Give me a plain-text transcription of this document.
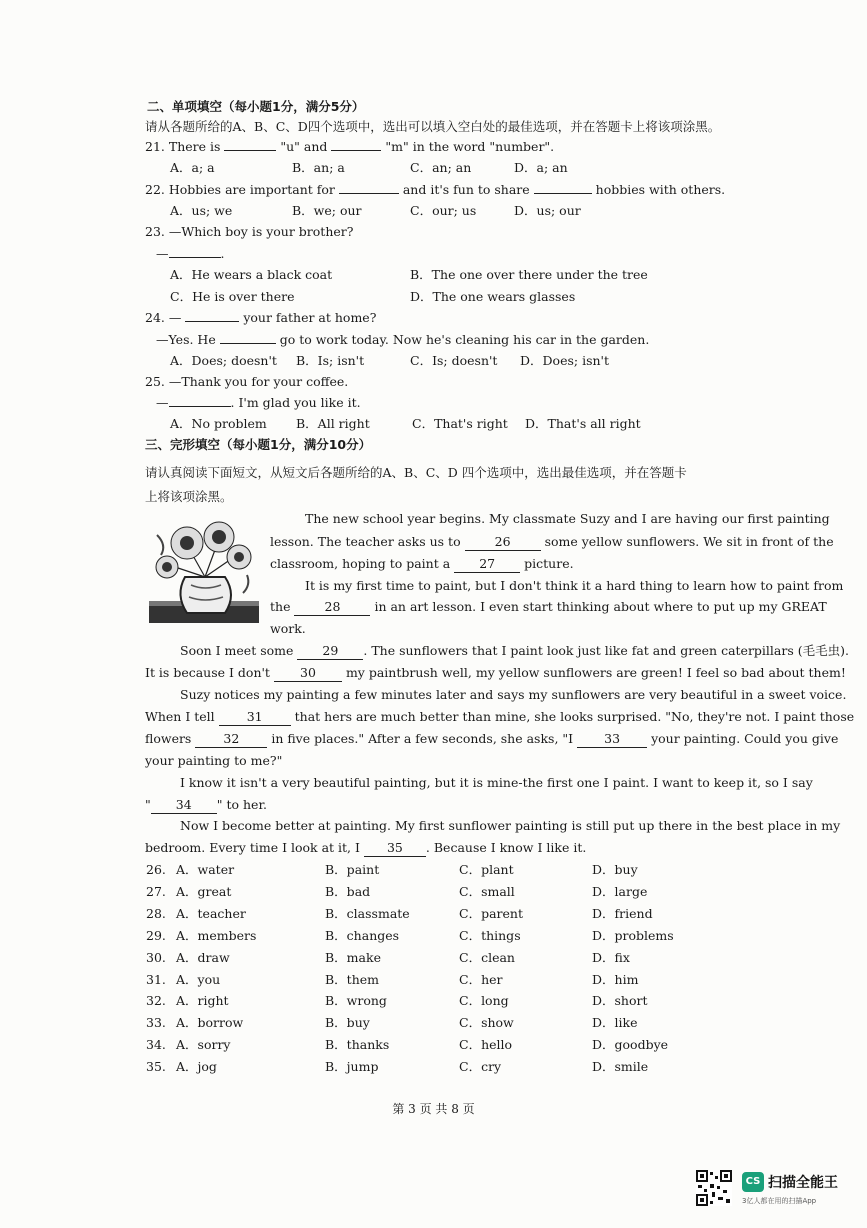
二、单项填空（每小题1分，满分5分）
请从各题所给的A、B、C、D四个选项中，选出可以填入空白处的最佳选项，并在答题卡上将该项涂黑。
21. There is	"u" and	"m" in the word "number".
A．a; a	B．an; a	C．an; an	D．a; an
22. Hobbies are important for	and it's fun to share	hobbies with others.
A．us; we	B．we; our	C．our; us	D．us; our
23. —Which boy is your brother?
—	.
A．He wears a black coat	B．The one over there under the tree
C．He is over there	D．The one wears glasses
24. —	your father at home?
—Yes. He	go to work today. Now he's cleaning his car in the garden.
A．Does; doesn't B．Is; isn't	C．Is; doesn't D．Does; isn't
25. —Thank you for your coffee.
—	. I'm glad you like it.
A．No problem B．All right	C．That's right D．That's all right
三、完形填空（每小题1分，满分10分）
请认真阅读下面短文，从短文后各题所给的A、B、C、D 四个选项中，选出最佳选项，并在答题卡
上将该项涂黑。
The new school year begins. My classmate Suzy and I are having our first painting
lesson. The teacher asks us to	26	some yellow sunflowers. We sit in front of the
classroom, hoping to paint a 27 picture.
It is my first time to paint, but I don't think it a hard thing to learn how to paint from
the	28	in an art lesson. I even start thinking about where to put up my GREAT
work.
Soon I meet some 29 . The sunflowers that I paint look just like fat and green caterpillars (毛毛虫).
It is because I don't 30 my paintbrush well, my yellow sunflowers are green! I feel so bad about them!
Suzy notices my painting a few minutes later and says my sunflowers are very beautiful in a sweet voice.
When I tell	31	that hers are much better than mine, she looks surprised. "No, they're not. I paint those
flowers	32	in five places." After a few seconds, she asks, "I 33 your painting. Could you give
your painting to me?"
I know it isn't a very beautiful painting, but it is mine-the first one I paint. I want to keep it, so I say
" 34 " to her.
Now I become better at painting. My first sunflower painting is still put up there in the best place in my
bedroom. Every time I look at it, I 35 . Because I know I like it.
26. A．water	B．paint	C．plant	D．buy
27. A．great	B．bad	C．small	D．large
28. A．teacher	B．classmate	C．parent	D．friend
29. A．members	B．changes	C．things	D．problems
30. A．draw	B．make	C．clean	D．fix
31. A．you	B．them	C．her	D．him
32. A．right	B．wrong	C．long	D．short
33. A．borrow	B．buy	C．show	D．like
34. A．sorry	B．thanks	C．hello	D．goodbye
35. A．jog	B．jump	C．cry	D．smile
第 3 页 共 8 页
CS 扫描全能王
3亿人都在用的扫描App
